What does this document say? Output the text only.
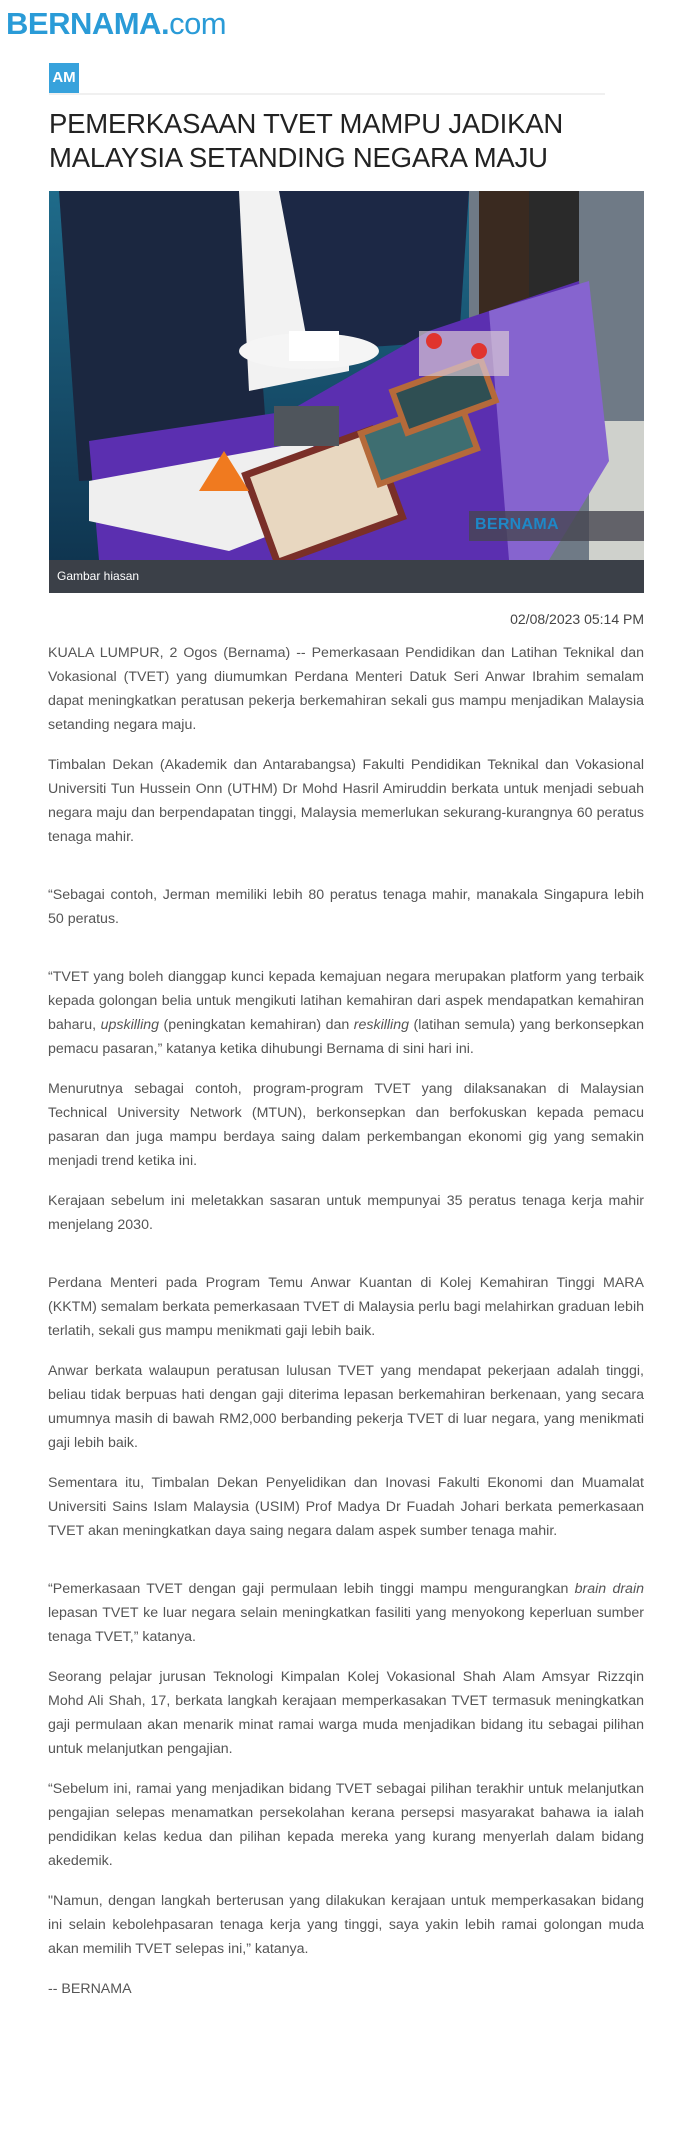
BERNAMA.com
AM
PEMERKASAAN TVET MAMPU JADIKAN MALAYSIA SETANDING NEGARA MAJU
BERNAMA
Gambar hiasan
02/08/2023 05:14 PM

KUALA LUMPUR, 2 Ogos (Bernama) -- Pemerkasaan Pendidikan dan Latihan Teknikal dan Vokasional (TVET) yang diumumkan Perdana Menteri Datuk Seri Anwar Ibrahim semalam dapat meningkatkan peratusan pekerja berkemahiran sekali gus mampu menjadikan Malaysia setanding negara maju.

Timbalan Dekan (Akademik dan Antarabangsa) Fakulti Pendidikan Teknikal dan Vokasional Universiti Tun Hussein Onn (UTHM) Dr Mohd Hasril Amiruddin berkata untuk menjadi sebuah negara maju dan berpendapatan tinggi, Malaysia memerlukan sekurang-kurangnya 60 peratus tenaga mahir.

“Sebagai contoh, Jerman memiliki lebih 80 peratus tenaga mahir, manakala Singapura lebih 50 peratus.

“TVET yang boleh dianggap kunci kepada kemajuan negara merupakan platform yang terbaik kepada golongan belia untuk mengikuti latihan kemahiran dari aspek mendapatkan kemahiran baharu, upskilling (peningkatan kemahiran) dan reskilling (latihan semula) yang berkonsepkan pemacu pasaran,” katanya ketika dihubungi Bernama di sini hari ini.

Menurutnya sebagai contoh, program-program TVET yang dilaksanakan di Malaysian Technical University Network (MTUN), berkonsepkan dan berfokuskan kepada pemacu pasaran dan juga mampu berdaya saing dalam perkembangan ekonomi gig yang semakin menjadi trend ketika ini.

Kerajaan sebelum ini meletakkan sasaran untuk mempunyai 35 peratus tenaga kerja mahir menjelang 2030.

Perdana Menteri pada Program Temu Anwar Kuantan di Kolej Kemahiran Tinggi MARA (KKTM) semalam berkata pemerkasaan TVET di Malaysia perlu bagi melahirkan graduan lebih terlatih, sekali gus mampu menikmati gaji lebih baik.

Anwar berkata walaupun peratusan lulusan TVET yang mendapat pekerjaan adalah tinggi, beliau tidak berpuas hati dengan gaji diterima lepasan berkemahiran berkenaan, yang secara umumnya masih di bawah RM2,000 berbanding pekerja TVET di luar negara, yang menikmati gaji lebih baik.

Sementara itu, Timbalan Dekan Penyelidikan dan Inovasi Fakulti Ekonomi dan Muamalat Universiti Sains Islam Malaysia (USIM) Prof Madya Dr Fuadah Johari berkata pemerkasaan TVET akan meningkatkan daya saing negara dalam aspek sumber tenaga mahir.

“Pemerkasaan TVET dengan gaji permulaan lebih tinggi mampu mengurangkan brain drain lepasan TVET ke luar negara selain meningkatkan fasiliti yang menyokong keperluan sumber tenaga TVET,” katanya.

Seorang pelajar jurusan Teknologi Kimpalan Kolej Vokasional Shah Alam Amsyar Rizzqin Mohd Ali Shah, 17, berkata langkah kerajaan memperkasakan TVET termasuk meningkatkan gaji permulaan akan menarik minat ramai warga muda menjadikan bidang itu sebagai pilihan untuk melanjutkan pengajian.

“Sebelum ini, ramai yang menjadikan bidang TVET sebagai pilihan terakhir untuk melanjutkan pengajian selepas menamatkan persekolahan kerana persepsi masyarakat bahawa ia ialah pendidikan kelas kedua dan pilihan kepada mereka yang kurang menyerlah dalam bidang akedemik.

"Namun, dengan langkah berterusan yang dilakukan kerajaan untuk memperkasakan bidang ini selain kebolehpasaran tenaga kerja yang tinggi, saya yakin lebih ramai golongan muda akan memilih TVET selepas ini,” katanya.

-- BERNAMA
